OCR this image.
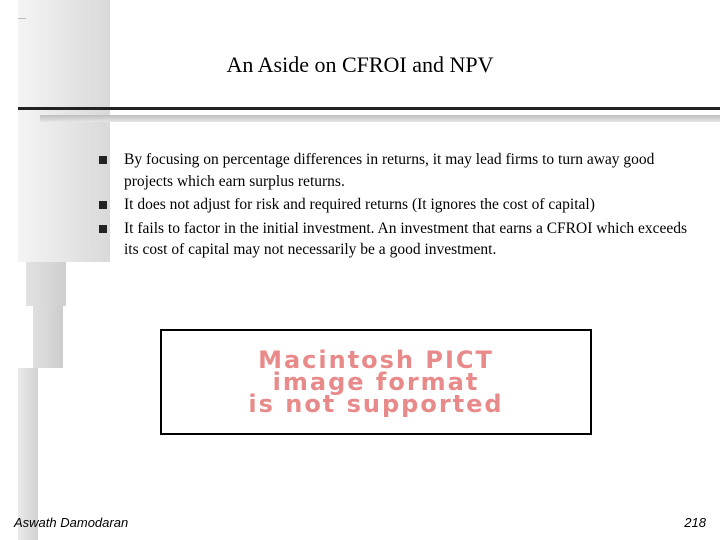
An Aside on CFROI and NPV
By focusing on percentage differences in returns, it may lead firms to turn away good projects which earn surplus returns.
It does not adjust for risk and required returns (It ignores the cost of capital)
It fails to factor in the initial investment. An investment that earns a CFROI which exceeds its cost of capital may not necessarily be a good investment.
Macintosh PICT
image format
is not supported
Aswath Damodaran	218
